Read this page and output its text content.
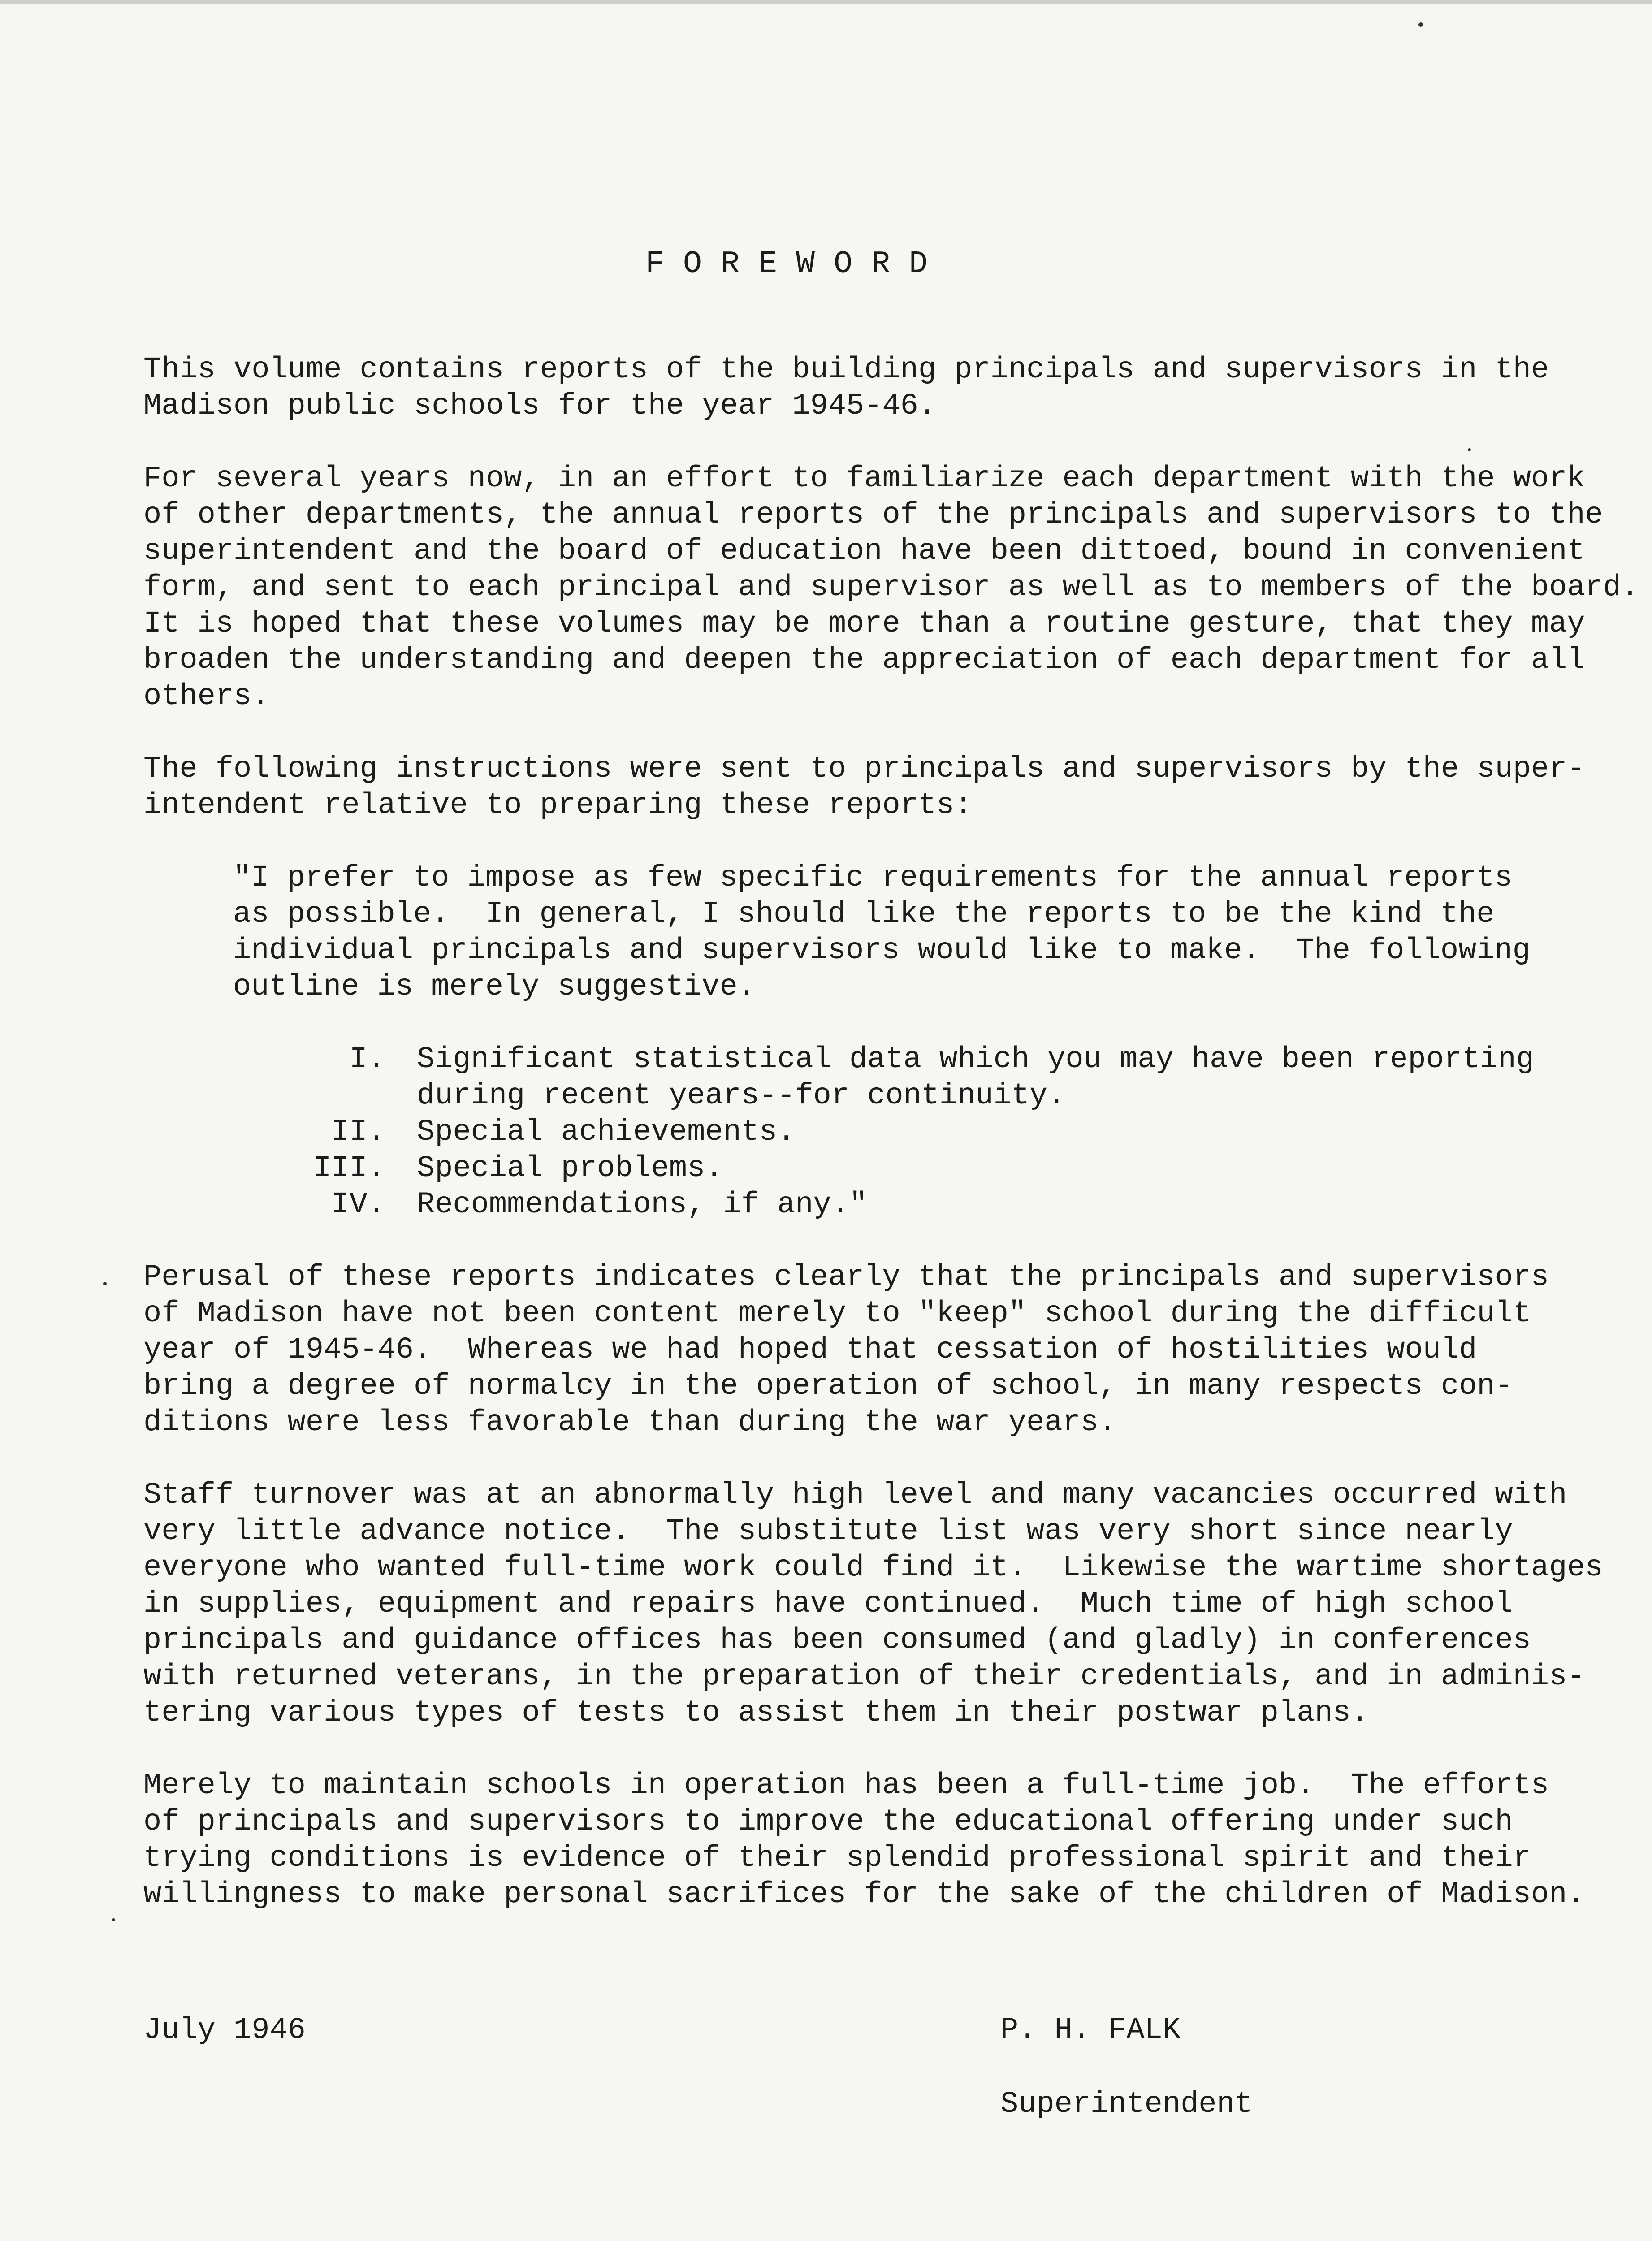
FOREWORD
This volume contains reports of the building principals and supervisors in the
Madison public schools for the year 1945-46.
For several years now, in an effort to familiarize each department with the work
of other departments, the annual reports of the principals and supervisors to the
superintendent and the board of education have been dittoed, bound in convenient
form, and sent to each principal and supervisor as well as to members of the board.
It is hoped that these volumes may be more than a routine gesture, that they may
broaden the understanding and deepen the appreciation of each department for all
others.
The following instructions were sent to principals and supervisors by the super-
intendent relative to preparing these reports:
"I prefer to impose as few specific requirements for the annual reports
as possible.  In general, I should like the reports to be the kind the
individual principals and supervisors would like to make.  The following
outline is merely suggestive.
I.	Significant statistical data which you may have been reporting
during recent years--for continuity.
II.	Special achievements.
III.	Special problems.
IV.	Recommendations, if any."
Perusal of these reports indicates clearly that the principals and supervisors
of Madison have not been content merely to "keep" school during the difficult
year of 1945-46.  Whereas we had hoped that cessation of hostilities would
bring a degree of normalcy in the operation of school, in many respects con-
ditions were less favorable than during the war years.
Staff turnover was at an abnormally high level and many vacancies occurred with
very little advance notice.  The substitute list was very short since nearly
everyone who wanted full-time work could find it.  Likewise the wartime shortages
in supplies, equipment and repairs have continued.  Much time of high school
principals and guidance offices has been consumed (and gladly) in conferences
with returned veterans, in the preparation of their credentials, and in adminis-
tering various types of tests to assist them in their postwar plans.
Merely to maintain schools in operation has been a full-time job.  The efforts
of principals and supervisors to improve the educational offering under such
trying conditions is evidence of their splendid professional spirit and their
willingness to make personal sacrifices for the sake of the children of Madison.
July 1946	P. H. FALK
Superintendent
